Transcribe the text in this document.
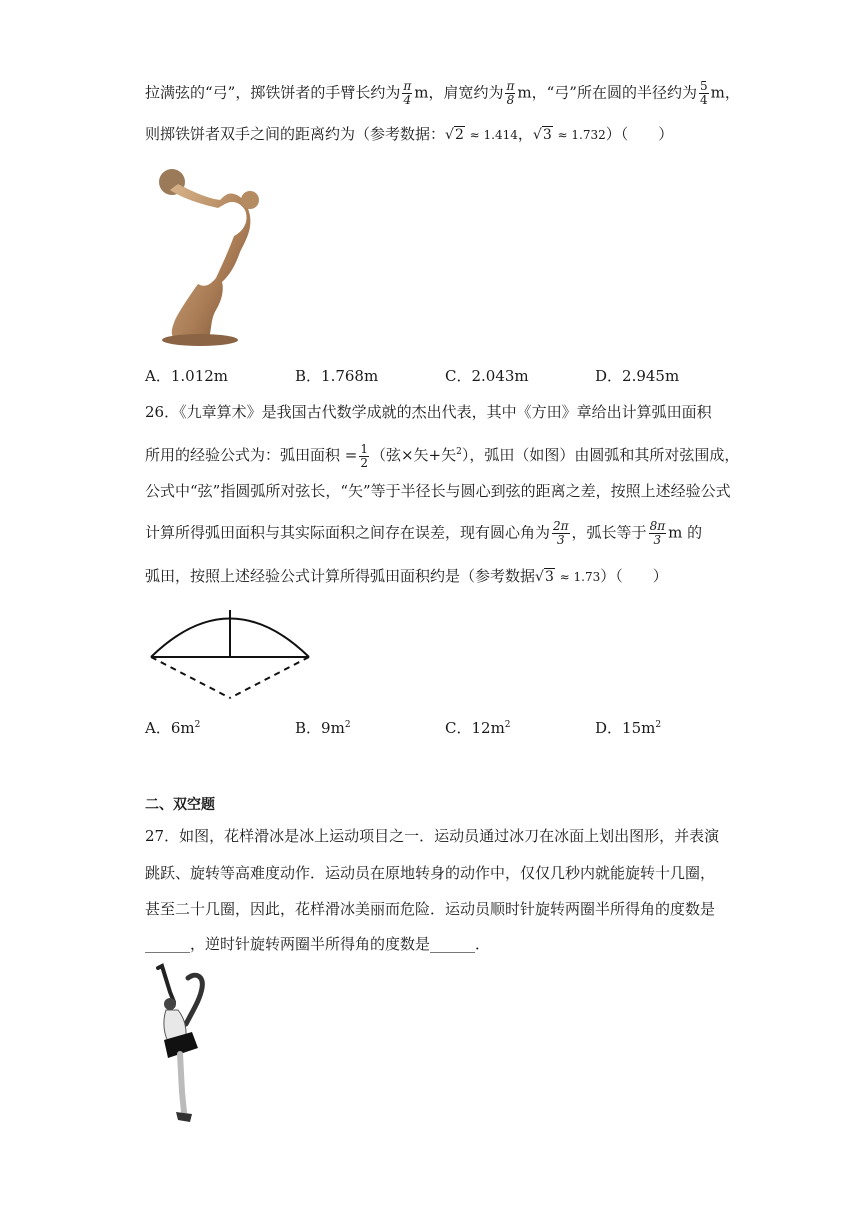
拉满弦的“弓”，掷铁饼者的手臂长约为 $\frac{\pi}{4}$ m，肩宽约为 $\frac{\pi}{8}$ m，“弓”所在圆的半径约为 $\frac{5}{4}$ m，
则掷铁饼者双手之间的距离约为（参考数据：√2 ≈ 1.414，√3 ≈ 1.732）（　　）
A．1.012m	B．1.768m	C．2.043m	D．2.945m
26．《九章算术》是我国古代数学成就的杰出代表，其中《方田》章给出计算弧田面积
所用的经验公式为：弧田面积 = $\frac{1}{2}$ （弦×矢+矢$^2$），弧田（如图）由圆弧和其所对弦围成，
公式中“弦”指圆弧所对弦长，“矢”等于半径长与圆心到弦的距离之差，按照上述经验公式
计算所得弧田面积与其实际面积之间存在误差，现有圆心角为 $\frac{2\pi}{3}$ ，弧长等于 $\frac{8\pi}{3}$ m 的
弧田，按照上述经验公式计算所得弧田面积约是（参考数据√3 ≈ 1.73）（　　）
A．$6m^2$	B．$9m^2$	C．$12m^2$	D．$15m^2$
二、双空题
27．如图，花样滑冰是冰上运动项目之一．运动员通过冰刀在冰面上划出图形，并表演
跳跃、旋转等高难度动作．运动员在原地转身的动作中，仅仅几秒内就能旋转十几圈，
甚至二十几圈，因此，花样滑冰美丽而危险．运动员顺时针旋转两圈半所得角的度数是
______，逆时针旋转两圈半所得角的度数是______．
